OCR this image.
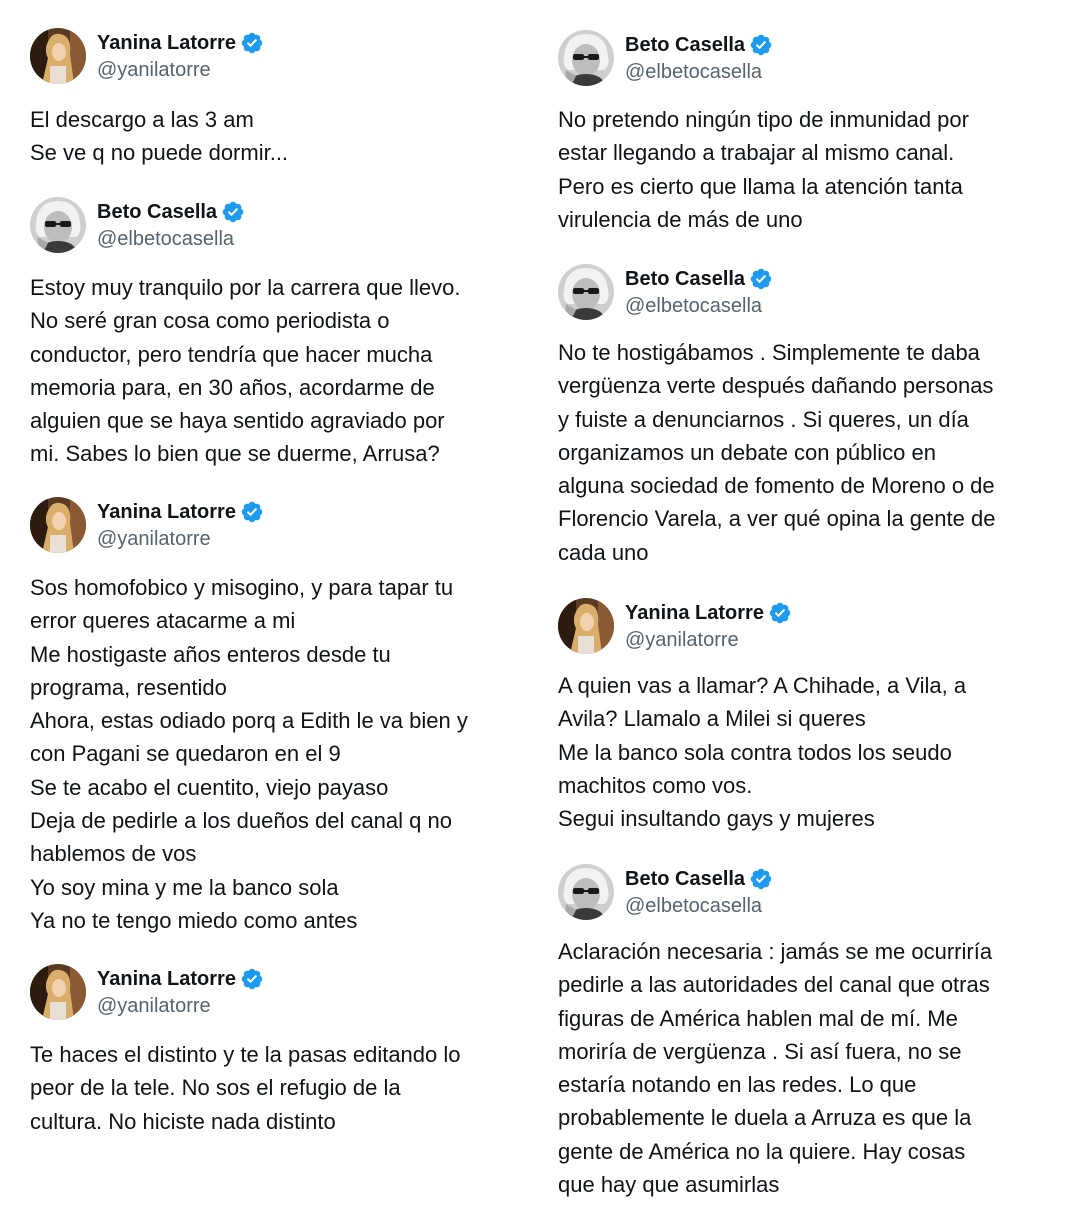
Yanina Latorre
@yanilatorre
El descargo a las 3 am
Se ve q no puede dormir...
Beto Casella
@elbetocasella
Estoy muy tranquilo por la carrera que llevo.
No seré gran cosa como periodista o
conductor, pero tendría que hacer mucha
memoria para, en 30 años, acordarme de
alguien que se haya sentido agraviado por
mi. Sabes lo bien que se duerme, Arrusa?
Yanina Latorre
@yanilatorre
Sos homofobico y misogino, y para tapar tu
error queres atacarme a mi
Me hostigaste años enteros desde tu
programa, resentido
Ahora, estas odiado porq a Edith le va bien y
con Pagani se quedaron en el 9
Se te acabo el cuentito, viejo payaso
Deja de pedirle a los dueños del canal q no
hablemos de vos
Yo soy mina y me la banco sola
Ya no te tengo miedo como antes
Yanina Latorre
@yanilatorre
Te haces el distinto y te la pasas editando lo
peor de la tele. No sos el refugio de la
cultura. No hiciste nada distinto
Beto Casella
@elbetocasella
No pretendo ningún tipo de inmunidad por
estar llegando a trabajar al mismo canal.
Pero es cierto que llama la atención tanta
virulencia de más de uno
Beto Casella
@elbetocasella
No te hostigábamos . Simplemente te daba
vergüenza verte después dañando personas
y fuiste a denunciarnos . Si queres, un día
organizamos un debate con público en
alguna sociedad de fomento de Moreno o de
Florencio Varela, a ver qué opina la gente de
cada uno
Yanina Latorre
@yanilatorre
A quien vas a llamar? A Chihade, a Vila, a
Avila? Llamalo a Milei si queres
Me la banco sola contra todos los seudo
machitos como vos.
Segui insultando gays y mujeres
Beto Casella
@elbetocasella
Aclaración necesaria : jamás se me ocurriría
pedirle a las autoridades del canal que otras
figuras de América hablen mal de mí. Me
moriría de vergüenza . Si así fuera, no se
estaría notando en las redes. Lo que
probablemente le duela a Arruza es que la
gente de América no la quiere. Hay cosas
que hay que asumirlas
